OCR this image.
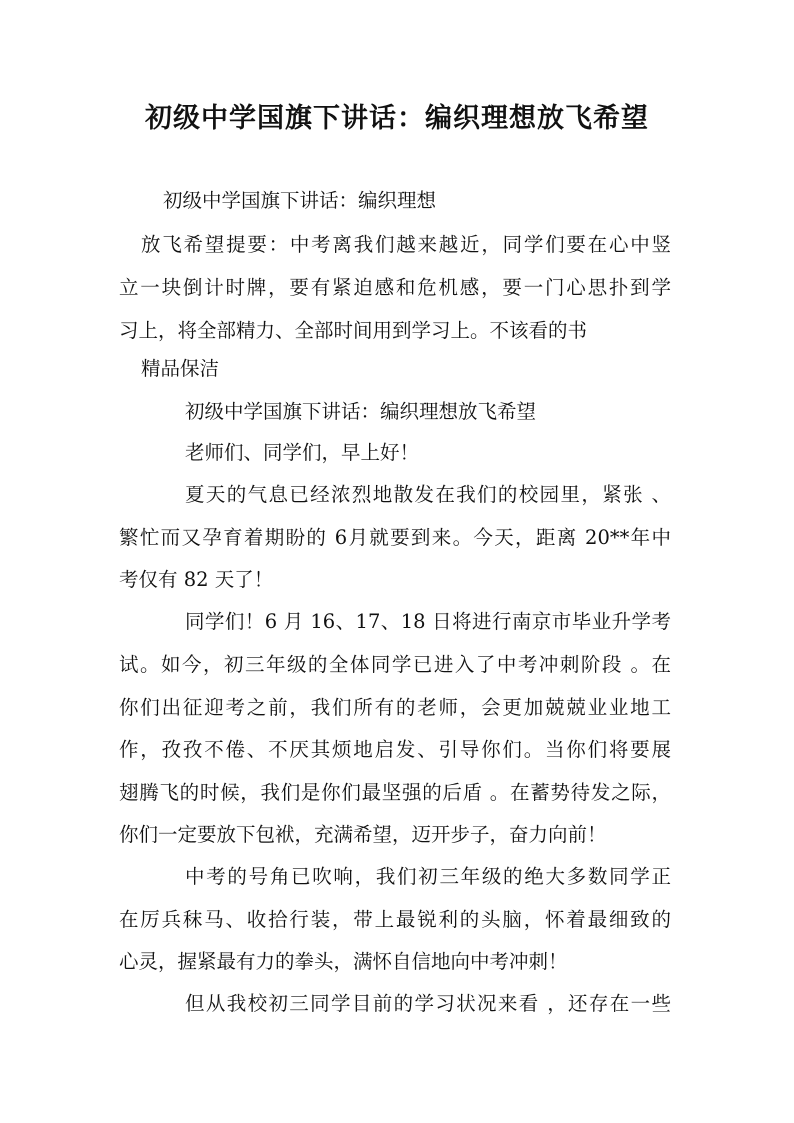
初级中学国旗下讲话：编织理想放飞希望

初级中学国旗下讲话：编织理想

放飞希望提要：中考离我们越来越近，同学们要在心中竖

立一块倒计时牌，要有紧迫感和危机感，要一门心思扑到学

习上，将全部精力、全部时间用到学习上。不该看的书

精品保洁

初级中学国旗下讲话：编织理想放飞希望

老师们、同学们，早上好！

夏天的气息已经浓烈地散发在我们的校园里，紧张 、

繁忙而又孕育着期盼的 6月就要到来。今天，距离 20**年中

考仅有 82 天了！

同学们！6 月 16、17、18 日将进行南京市毕业升学考

试。如今，初三年级的全体同学已进入了中考冲刺阶段 。在

你们出征迎考之前，我们所有的老师，会更加兢兢业业地工

作，孜孜不倦、不厌其烦地启发、引导你们。当你们将要展

翅腾飞的时候，我们是你们最坚强的后盾 。在蓄势待发之际，

你们一定要放下包袱，充满希望，迈开步子，奋力向前！

中考的号角已吹响，我们初三年级的绝大多数同学正

在厉兵秣马、收拾行装，带上最锐利的头脑，怀着最细致的

心灵，握紧最有力的拳头，满怀自信地向中考冲刺！

但从我校初三同学目前的学习状况来看 ，还存在一些
